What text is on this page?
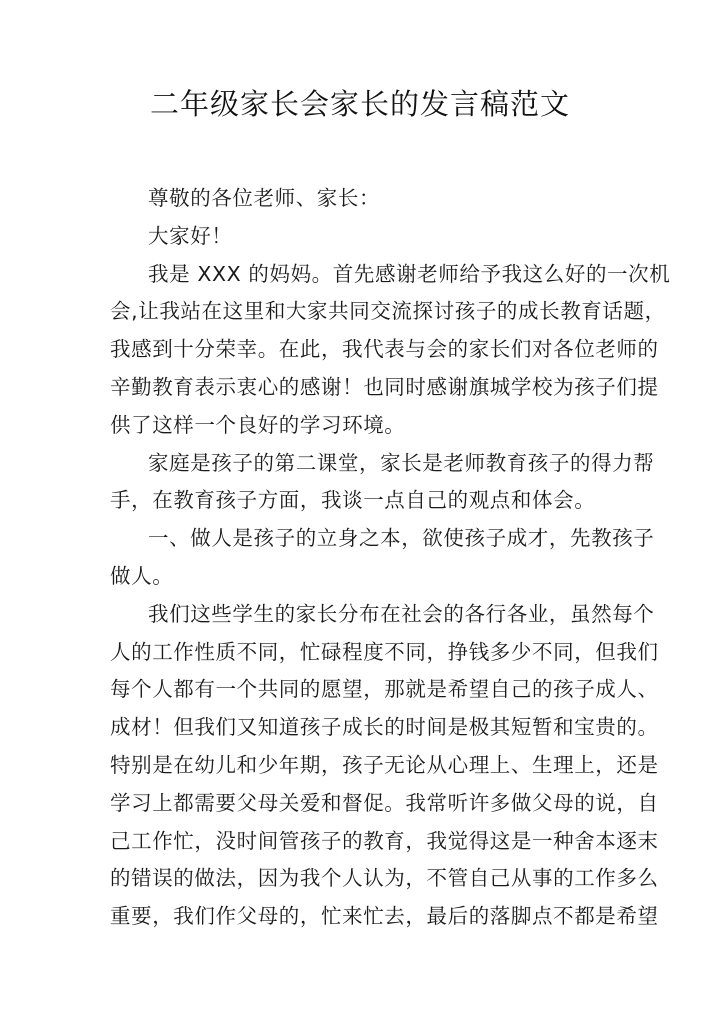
二年级家长会家长的发言稿范文
尊敬的各位老师、家长：
大家好！
我是 XXX 的妈妈。首先感谢老师给予我这么好的一次机
会,让我站在这里和大家共同交流探讨孩子的成长教育话题，
我感到十分荣幸。在此，我代表与会的家长们对各位老师的
辛勤教育表示衷心的感谢！也同时感谢旗城学校为孩子们提
供了这样一个良好的学习环境。
家庭是孩子的第二课堂，家长是老师教育孩子的得力帮
手，在教育孩子方面，我谈一点自己的观点和体会。
一、做人是孩子的立身之本，欲使孩子成才，先教孩子
做人。
我们这些学生的家长分布在社会的各行各业，虽然每个
人的工作性质不同，忙碌程度不同，挣钱多少不同，但我们
每个人都有一个共同的愿望，那就是希望自己的孩子成人、
成材！但我们又知道孩子成长的时间是极其短暂和宝贵的。
特别是在幼儿和少年期，孩子无论从心理上、生理上，还是
学习上都需要父母关爱和督促。我常听许多做父母的说，自
己工作忙，没时间管孩子的教育，我觉得这是一种舍本逐末
的错误的做法，因为我个人认为，不管自己从事的工作多么
重要，我们作父母的，忙来忙去，最后的落脚点不都是希望
